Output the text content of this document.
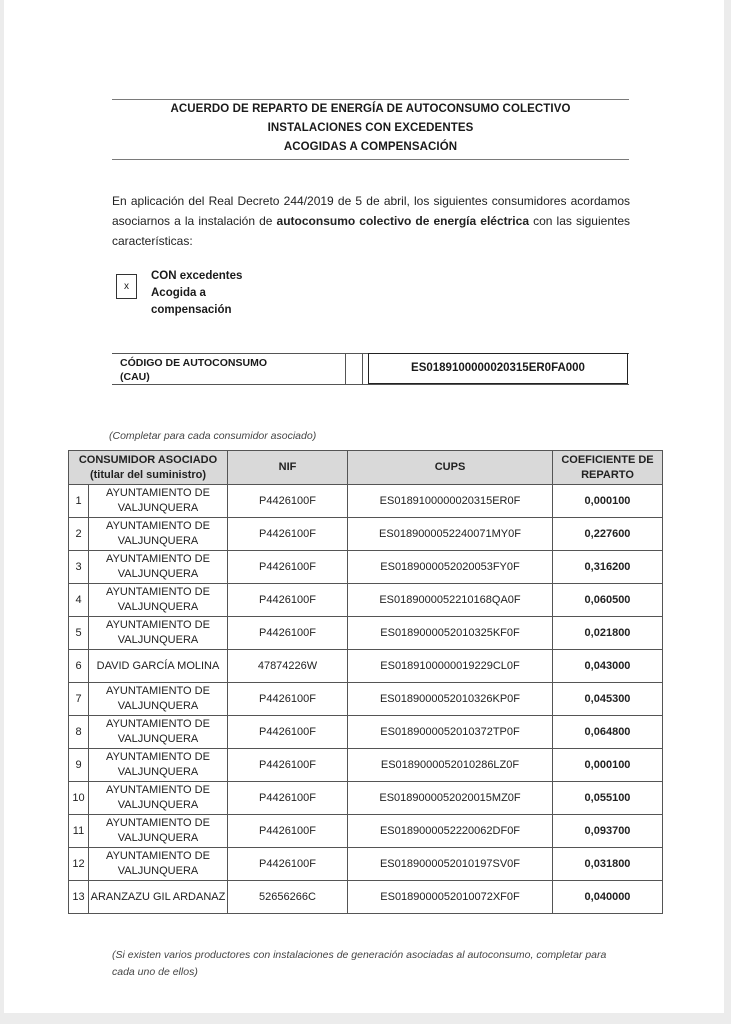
ACUERDO DE REPARTO DE ENERGÍA DE AUTOCONSUMO COLECTIVO
INSTALACIONES CON EXCEDENTES
ACOGIDAS A COMPENSACIÓN
En aplicación del Real Decreto 244/2019 de 5 de abril, los siguientes consumidores acordamos asociarnos a la instalación de autoconsumo colectivo de energía eléctrica con las siguientes características:
x
CON excedentes
Acogida a
compensación
CÓDIGO DE AUTOCONSUMO
(CAU)
ES0189100000020315ER0FA000
(Completar para cada consumidor asociado)
CONSUMIDOR ASOCIADO (titular del suministro)		NIF	CUPS	COEFICIENTE DE REPARTO
1	AYUNTAMIENTO DE VALJUNQUERA	P4426100F	ES0189100000020315ER0F	0,000100
2	AYUNTAMIENTO DE VALJUNQUERA	P4426100F	ES0189000052240071MY0F	0,227600
3	AYUNTAMIENTO DE VALJUNQUERA	P4426100F	ES0189000052020053FY0F	0,316200
4	AYUNTAMIENTO DE VALJUNQUERA	P4426100F	ES0189000052210168QA0F	0,060500
5	AYUNTAMIENTO DE VALJUNQUERA	P4426100F	ES0189000052010325KF0F	0,021800
6	DAVID GARCÍA MOLINA	47874226W	ES0189100000019229CL0F	0,043000
7	AYUNTAMIENTO DE VALJUNQUERA	P4426100F	ES0189000052010326KP0F	0,045300
8	AYUNTAMIENTO DE VALJUNQUERA	P4426100F	ES0189000052010372TP0F	0,064800
9	AYUNTAMIENTO DE VALJUNQUERA	P4426100F	ES0189000052010286LZ0F	0,000100
10	AYUNTAMIENTO DE VALJUNQUERA	P4426100F	ES0189000052020015MZ0F	0,055100
11	AYUNTAMIENTO DE VALJUNQUERA	P4426100F	ES0189000052220062DF0F	0,093700
12	AYUNTAMIENTO DE VALJUNQUERA	P4426100F	ES0189000052010197SV0F	0,031800
13	ARANZAZU GIL ARDANAZ	52656266C	ES0189000052010072XF0F	0,040000
(Si existen varios productores con instalaciones de generación asociadas al autoconsumo, completar para cada uno de ellos)
